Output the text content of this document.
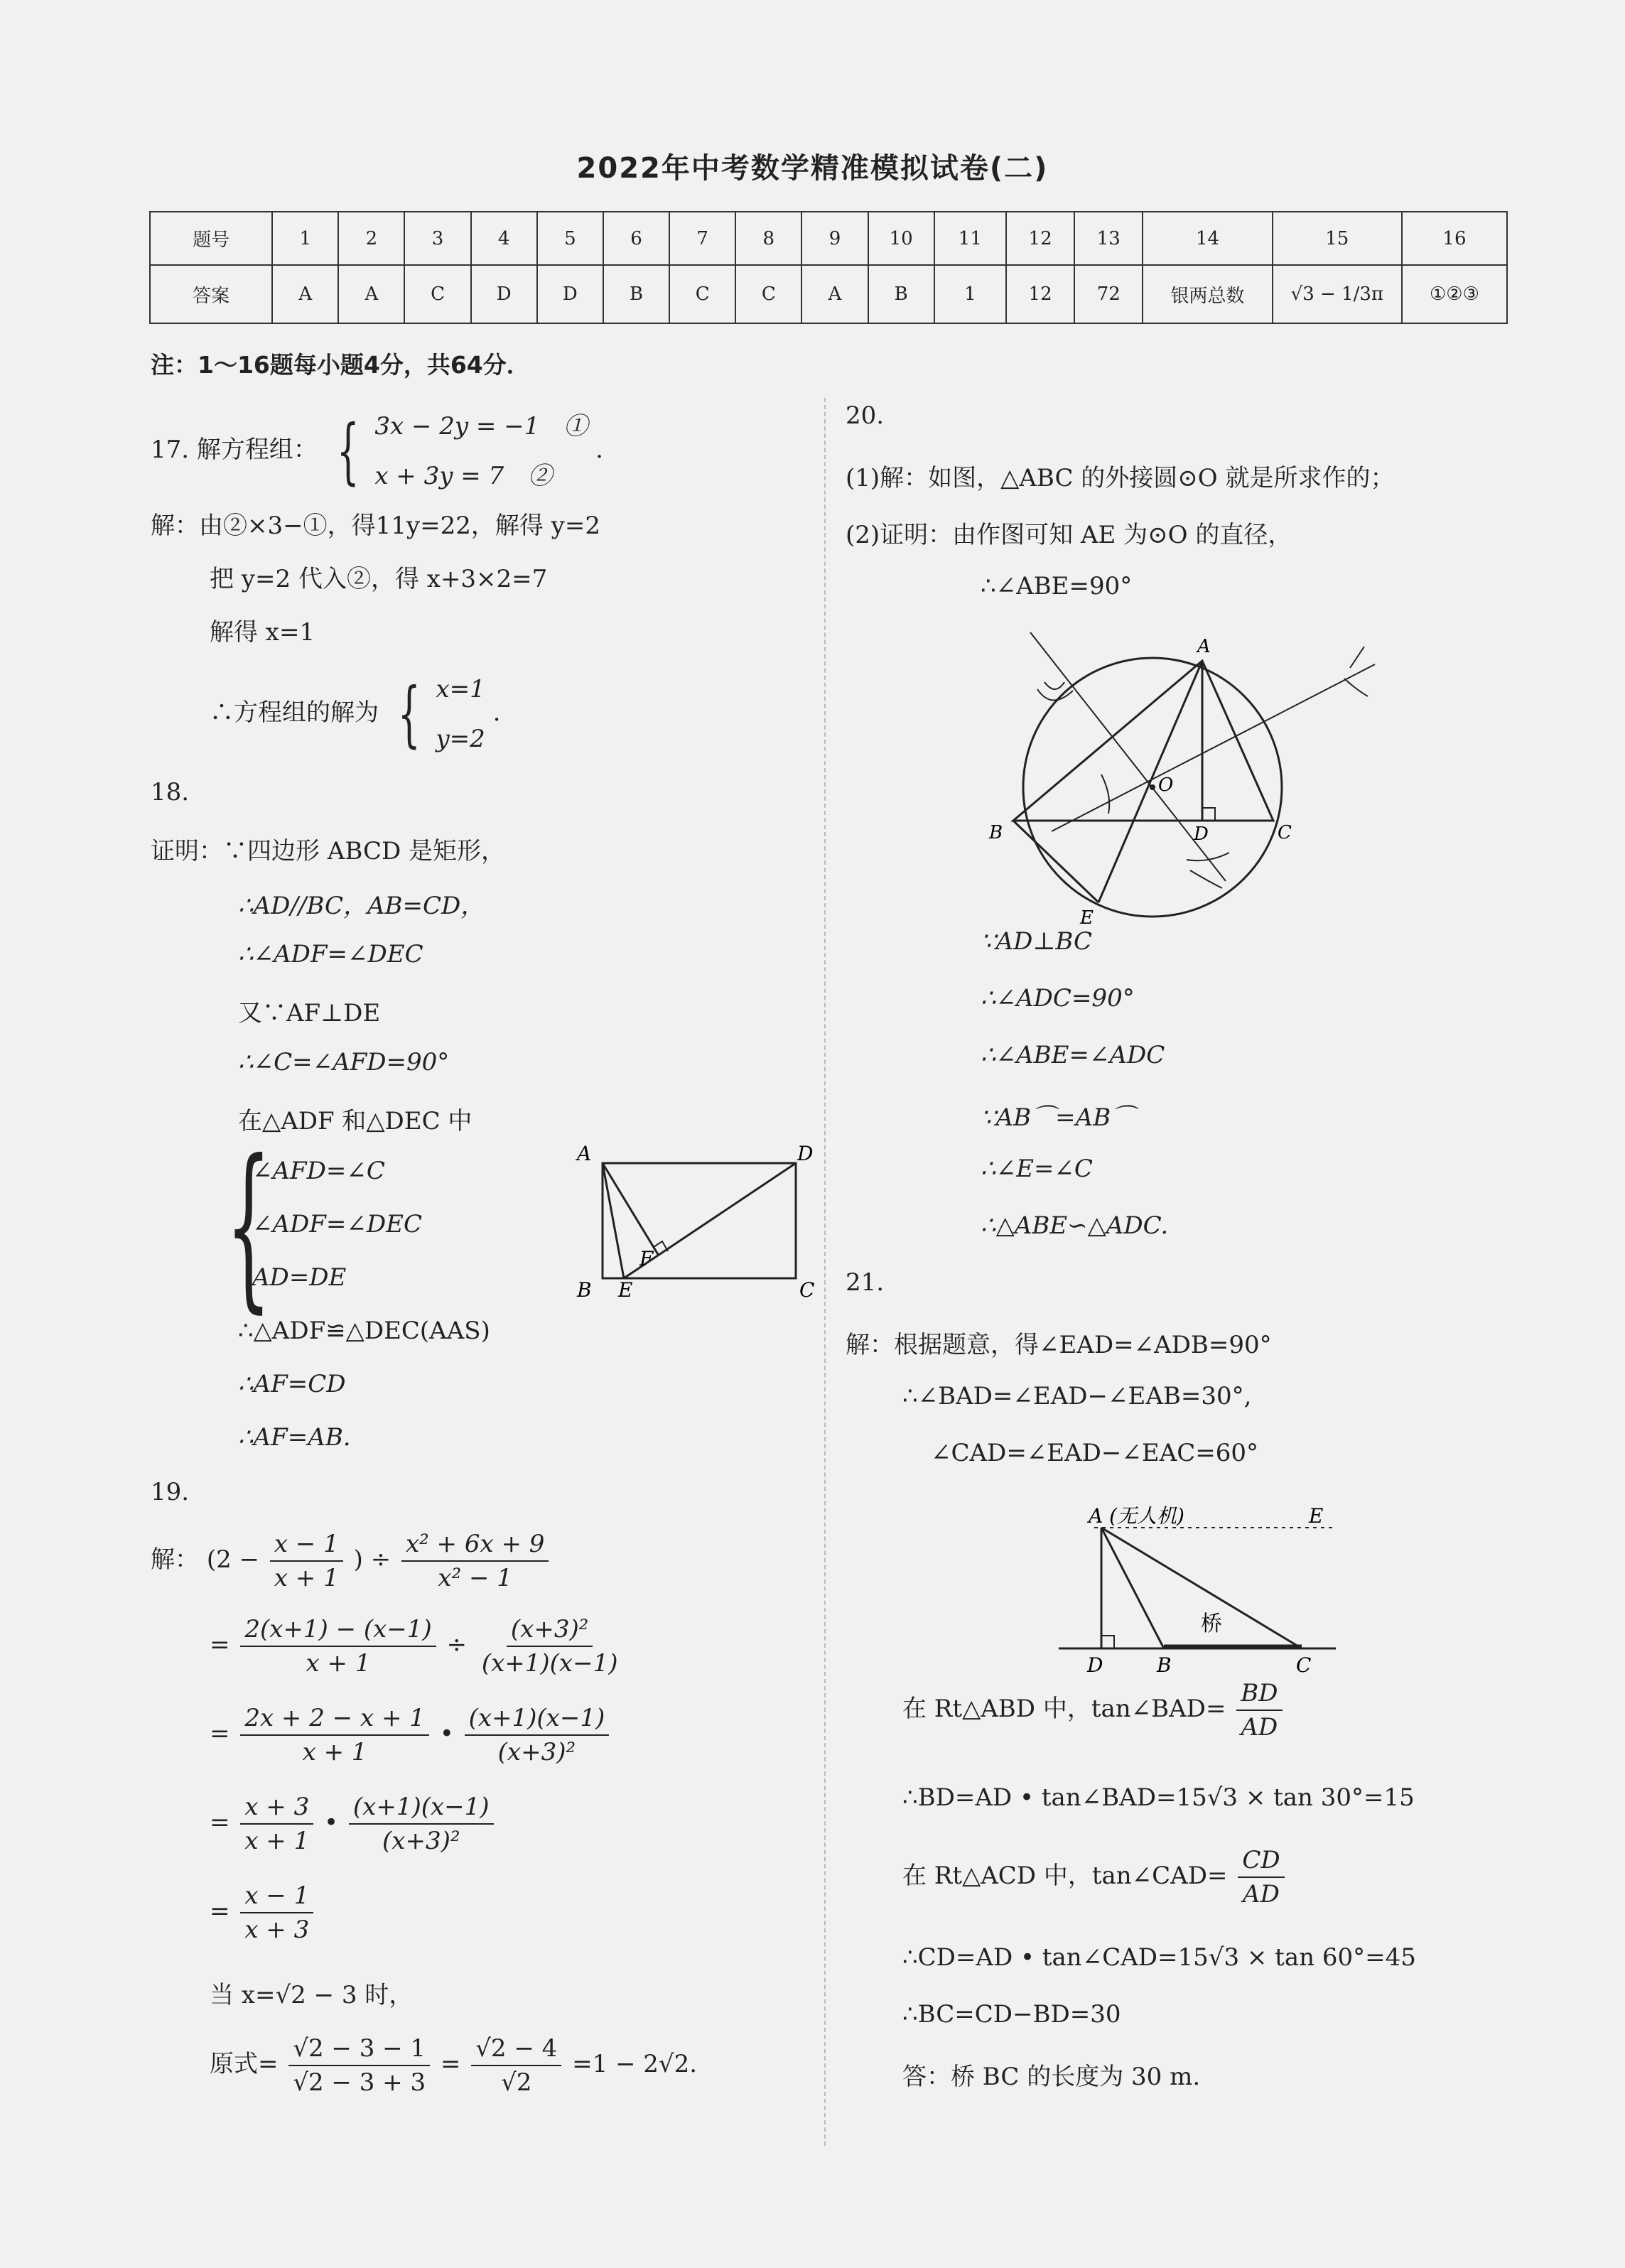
2022年中考数学精准模拟试卷(二)
题号	1	2	3	4	5	6	7	8	9	10	11	12	13	14	15	16
答案	A	A	C	D	D	B	C	C	A	B	1	12	72	银两总数	√3 − 1/3π	①②③
注：1～16题每小题4分，共64分．
17. 解方程组： { 3x − 2y = −1　①
x + 3y = 7　②
.
解：由②×3−①，得11y=22，解得 y=2
把 y=2 代入②，得 x+3×2=7
解得 x=1
∴方程组的解为 { x=1
y=2
.
18.
证明：∵四边形 ABCD 是矩形，
∴AD//BC，AB=CD，
∴∠ADF=∠DEC
又∵AF⊥DE
∴∠C=∠AFD=90°
在△ADF 和△DEC 中
{
∠AFD=∠C
∠ADF=∠DEC
AD=DE
∴△ADF≌△DEC(AAS)
∴AF=CD
∴AF=AB.
A	D
B E
F
C
19.
解： ($2 - \frac{x - 1}{x + 1}$ ) ÷ $\frac{\text{x² + 6x + 9}}{\text{x² − 1}}$
= $\frac{2(x+1) - (x-1)}{x + 1} \div \frac{\text{(x+3)²}}{(x+1)(x-1)}$
= $\frac{2x + 2 - x + 1}{x + 1}$ • $\frac{(x+1)(x-1)}{\text{(x+3)²}}$
= $\frac{x + 3}{x + 1}$ • $\frac{(x+1)(x-1)}{\text{(x+3)²}}$
= $\frac{x - 1}{x + 3}$
当 x=√2 − 3 时，
原式= $\frac{√2 - 3 - 1}{√2 - 3 + 3} = \frac{√2 - 4}{√2} =1 - 2√2$.
20.
(1)解：如图，△ABC 的外接圆⊙O 就是所求作的；
(2)证明：由作图可知 AE 为⊙O 的直径，
∴∠ABE=90°
A
O
B	D	C
E
∵AD⊥BC
∴∠ADC=90°
∴∠ABE=∠ADC
∵AB⌒=AB⌒
∴∠E=∠C
∴△ABE∽△ADC.
21.
解：根据题意，得∠EAD=∠ADB=90°
∴∠BAD=∠EAD−∠EAB=30°,
∠CAD=∠EAD−∠EAC=60°
A (无人机)	E
桥
D	B	C
在 Rt△ABD 中，tan∠BAD= $\frac{BD}{AD}$
∴BD=AD • tan∠BAD=15√3 × tan 30°=15
在 Rt△ACD 中，tan∠CAD= $\frac{CD}{AD}$
∴CD=AD • tan∠CAD=15√3 × tan 60°=45
∴BC=CD−BD=30
答：桥 BC 的长度为 30 m.
